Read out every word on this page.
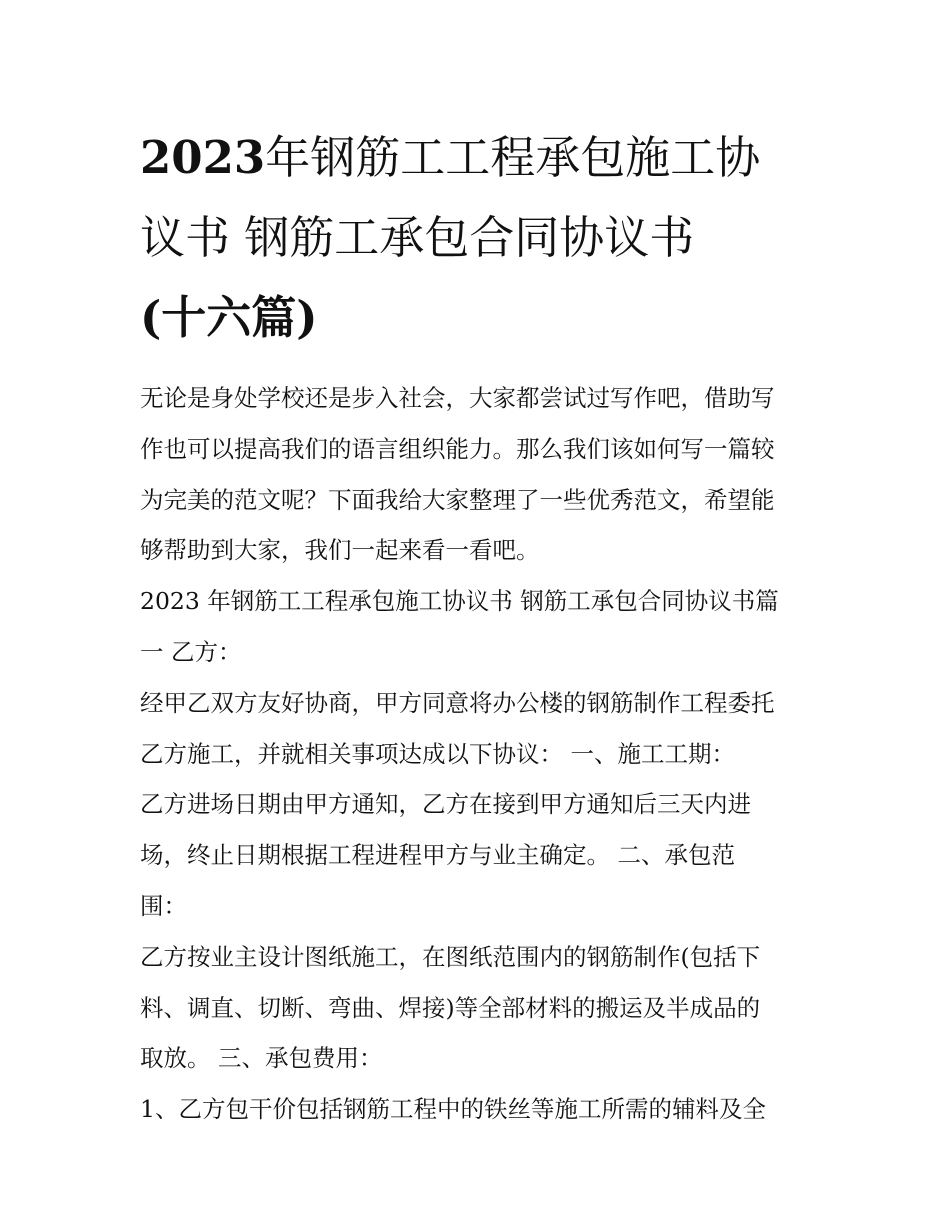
2023年钢筋工工程承包施工协
议书 钢筋工承包合同协议书
(十六篇)

无论是身处学校还是步入社会，大家都尝试过写作吧，借助写

作也可以提高我们的语言组织能力。那么我们该如何写一篇较

为完美的范文呢？下面我给大家整理了一些优秀范文，希望能

够帮助到大家，我们一起来看一看吧。

2023 年钢筋工工程承包施工协议书 钢筋工承包合同协议书篇

一 乙方：

经甲乙双方友好协商，甲方同意将办公楼的钢筋制作工程委托

乙方施工，并就相关事项达成以下协议： 一、施工工期：

乙方进场日期由甲方通知，乙方在接到甲方通知后三天内进

场，终止日期根据工程进程甲方与业主确定。 二、承包范

围：

乙方按业主设计图纸施工，在图纸范围内的钢筋制作(包括下

料、调直、切断、弯曲、焊接)等全部材料的搬运及半成品的

取放。 三、承包费用：

1、乙方包干价包括钢筋工程中的铁丝等施工所需的辅料及全
